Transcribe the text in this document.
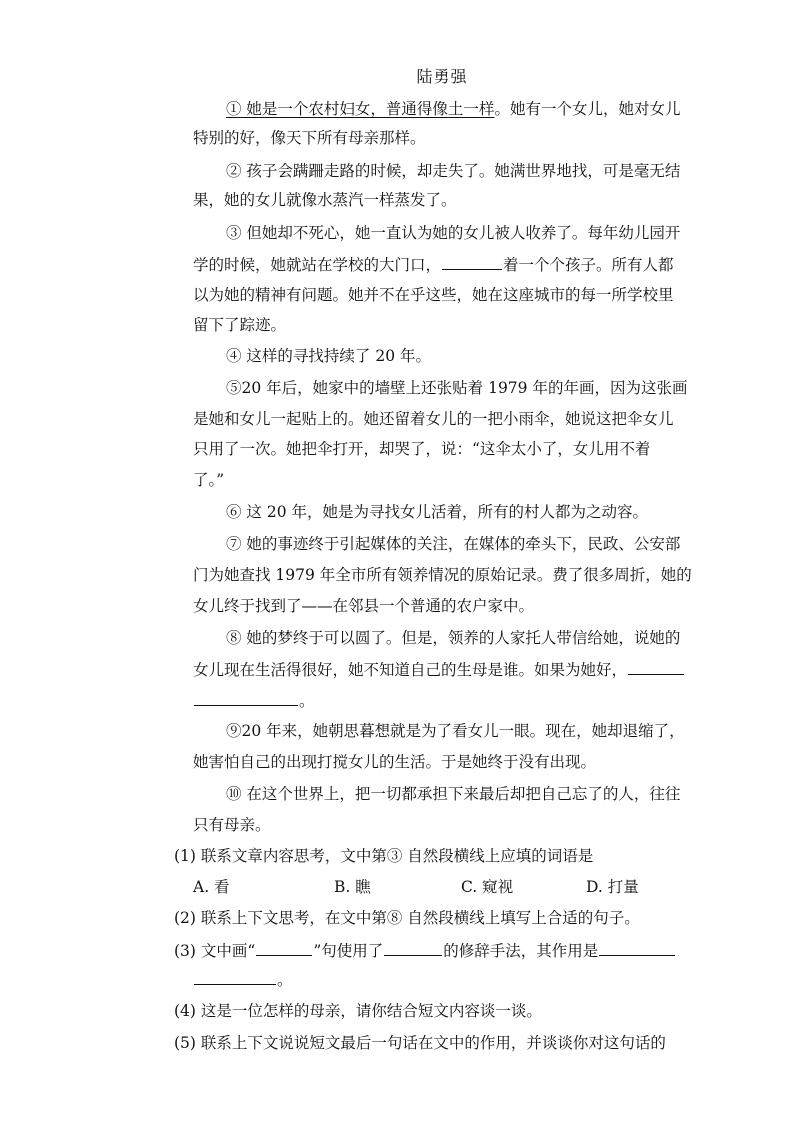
陆勇强
① 她是一个农村妇女，普通得像土一样。她有一个女儿，她对女儿
特别的好，像天下所有母亲那样。
② 孩子会蹒跚走路的时候，却走失了。她满世界地找，可是毫无结
果，她的女儿就像水蒸汽一样蒸发了。
③ 但她却不死心，她一直认为她的女儿被人收养了。每年幼儿园开
学的时候，她就站在学校的大门口，	着一个个孩子。所有人都
以为她的精神有问题。她并不在乎这些，她在这座城市的每一所学校里
留下了踪迹。
④ 这样的寻找持续了 20 年。
⑤20 年后，她家中的墙壁上还张贴着 1979 年的年画，因为这张画
是她和女儿一起贴上的。她还留着女儿的一把小雨伞，她说这把伞女儿
只用了一次。她把伞打开，却哭了，说：“这伞太小了，女儿用不着
了。”
⑥ 这 20 年，她是为寻找女儿活着，所有的村人都为之动容。
⑦ 她的事迹终于引起媒体的关注，在媒体的牵头下，民政、公安部
门为她查找 1979 年全市所有领养情况的原始记录。费了很多周折，她的
女儿终于找到了——在邻县一个普通的农户家中。
⑧ 她的梦终于可以圆了。但是，领养的人家托人带信给她，说她的
女儿现在生活得很好，她不知道自己的生母是谁。如果为她好，
。
⑨20 年来，她朝思暮想就是为了看女儿一眼。现在，她却退缩了，
她害怕自己的出现打搅女儿的生活。于是她终于没有出现。
⑩ 在这个世界上，把一切都承担下来最后却把自己忘了的人，往往
只有母亲。
(1) 联系文章内容思考，文中第③ 自然段横线上应填的词语是
A. 看	B. 瞧	C. 窥视	D. 打量
(2) 联系上下文思考，在文中第⑧ 自然段横线上填写上合适的句子。
(3) 文中画“	”句使用了	的修辞手法，其作用是
。
(4) 这是一位怎样的母亲，请你结合短文内容谈一谈。
(5) 联系上下文说说短文最后一句话在文中的作用，并谈谈你对这句话的
